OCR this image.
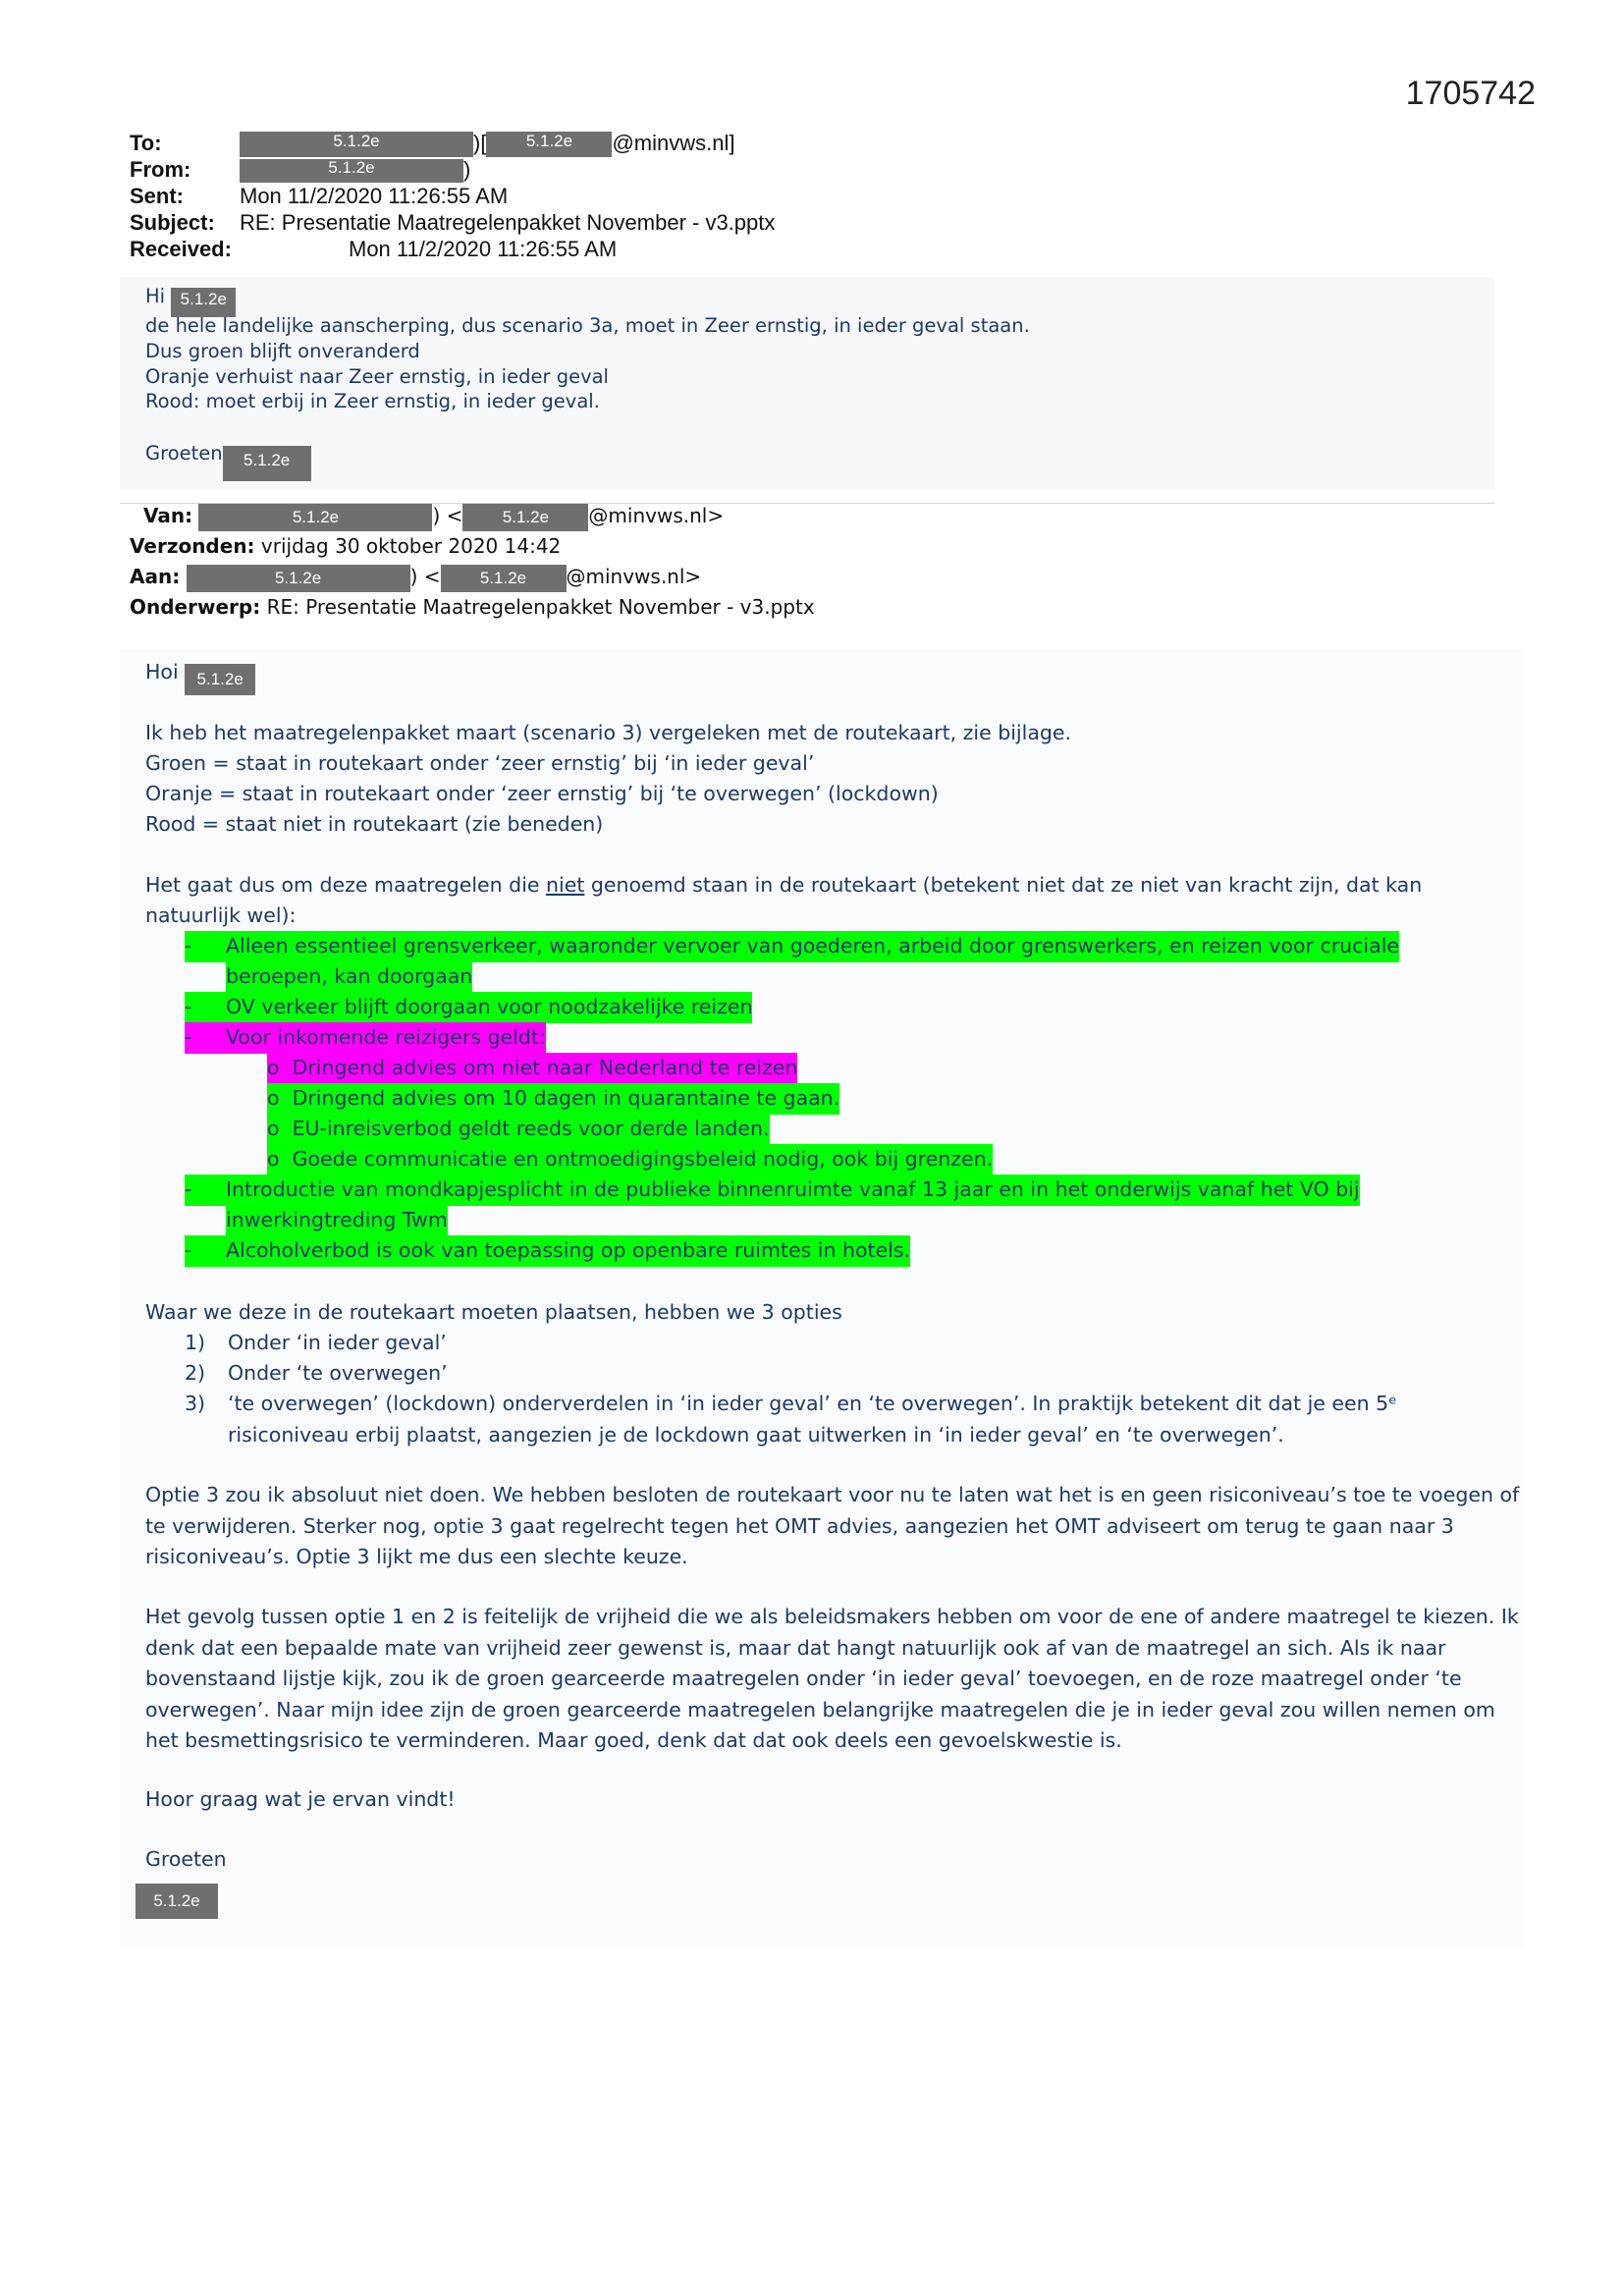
1705742
To:	5.1.2e	)[ 5.1.2e @minvws.nl]
From:	5.1.2e	)
Sent:	Mon 11/2/2020 11:26:55 AM
Subject: RE: Presentatie Maatregelenpakket November - v3.pptx
Received:	Mon 11/2/2020 11:26:55 AM
Hi 5.1.2e
de hele landelijke aanscherping, dus scenario 3a, moet in Zeer ernstig, in ieder geval staan.
Dus groen blijft onveranderd
Oranje verhuist naar Zeer ernstig, in ieder geval
Rood: moet erbij in Zeer ernstig, in ieder geval.
Groeten 5.1.2e
Van:	5.1.2e	) < 5.1.2e @minvws.nl>
Verzonden: vrijdag 30 oktober 2020 14:42
Aan:	5.1.2e	) < 5.1.2e @minvws.nl>
Onderwerp: RE: Presentatie Maatregelenpakket November - v3.pptx
Hoi 5.1.2e
Ik heb het maatregelenpakket maart (scenario 3) vergeleken met de routekaart, zie bijlage.
Groen = staat in routekaart onder ‘zeer ernstig’ bij ‘in ieder geval’
Oranje = staat in routekaart onder ‘zeer ernstig’ bij ‘te overwegen’ (lockdown)
Rood = staat niet in routekaart (zie beneden)
Het gaat dus om deze maatregelen die niet genoemd staan in de routekaart (betekent niet dat ze niet van kracht zijn, dat kan
natuurlijk wel):
-	Alleen essentieel grensverkeer, waaronder vervoer van goederen, arbeid door grenswerkers, en reizen voor cruciale
beroepen, kan doorgaan
-	OV verkeer blijft doorgaan voor noodzakelijke reizen
-	Voor inkomende reizigers geldt:
o Dringend advies om niet naar Nederland te reizen
o Dringend advies om 10 dagen in quarantaine te gaan.
o EU-inreisverbod geldt reeds voor derde landen.
o Goede communicatie en ontmoedigingsbeleid nodig, ook bij grenzen.
-	Introductie van mondkapjesplicht in de publieke binnenruimte vanaf 13 jaar en in het onderwijs vanaf het VO bij
inwerkingtreding Twm
-	Alcoholverbod is ook van toepassing op openbare ruimtes in hotels.
Waar we deze in de routekaart moeten plaatsen, hebben we 3 opties
1) Onder ‘in ieder geval’
2) Onder ‘te overwegen’
3) ‘te overwegen’ (lockdown) onderverdelen in ‘in ieder geval’ en ‘te overwegen’. In praktijk betekent dit dat je een 5ᵉ risiconiveau erbij plaatst, aangezien je de lockdown gaat uitwerken in ‘in ieder geval’ en ‘te overwegen’.
Optie 3 zou ik absoluut niet doen. We hebben besloten de routekaart voor nu te laten wat het is en geen risiconiveau’s toe te voegen of te verwijderen. Sterker nog, optie 3 gaat regelrecht tegen het OMT advies, aangezien het OMT adviseert om terug te gaan naar 3 risiconiveau’s. Optie 3 lijkt me dus een slechte keuze.
Het gevolg tussen optie 1 en 2 is feitelijk de vrijheid die we als beleidsmakers hebben om voor de ene of andere maatregel te kiezen. Ik denk dat een bepaalde mate van vrijheid zeer gewenst is, maar dat hangt natuurlijk ook af van de maatregel an sich. Als ik naar bovenstaand lijstje kijk, zou ik de groen gearceerde maatregelen onder ‘in ieder geval’ toevoegen, en de roze maatregel onder ‘te overwegen’. Naar mijn idee zijn de groen gearceerde maatregelen belangrijke maatregelen die je in ieder geval zou willen nemen om het besmettingsrisico te verminderen. Maar goed, denk dat dat ook deels een gevoelskwestie is.
Hoor graag wat je ervan vindt!
Groeten
5.1.2e
